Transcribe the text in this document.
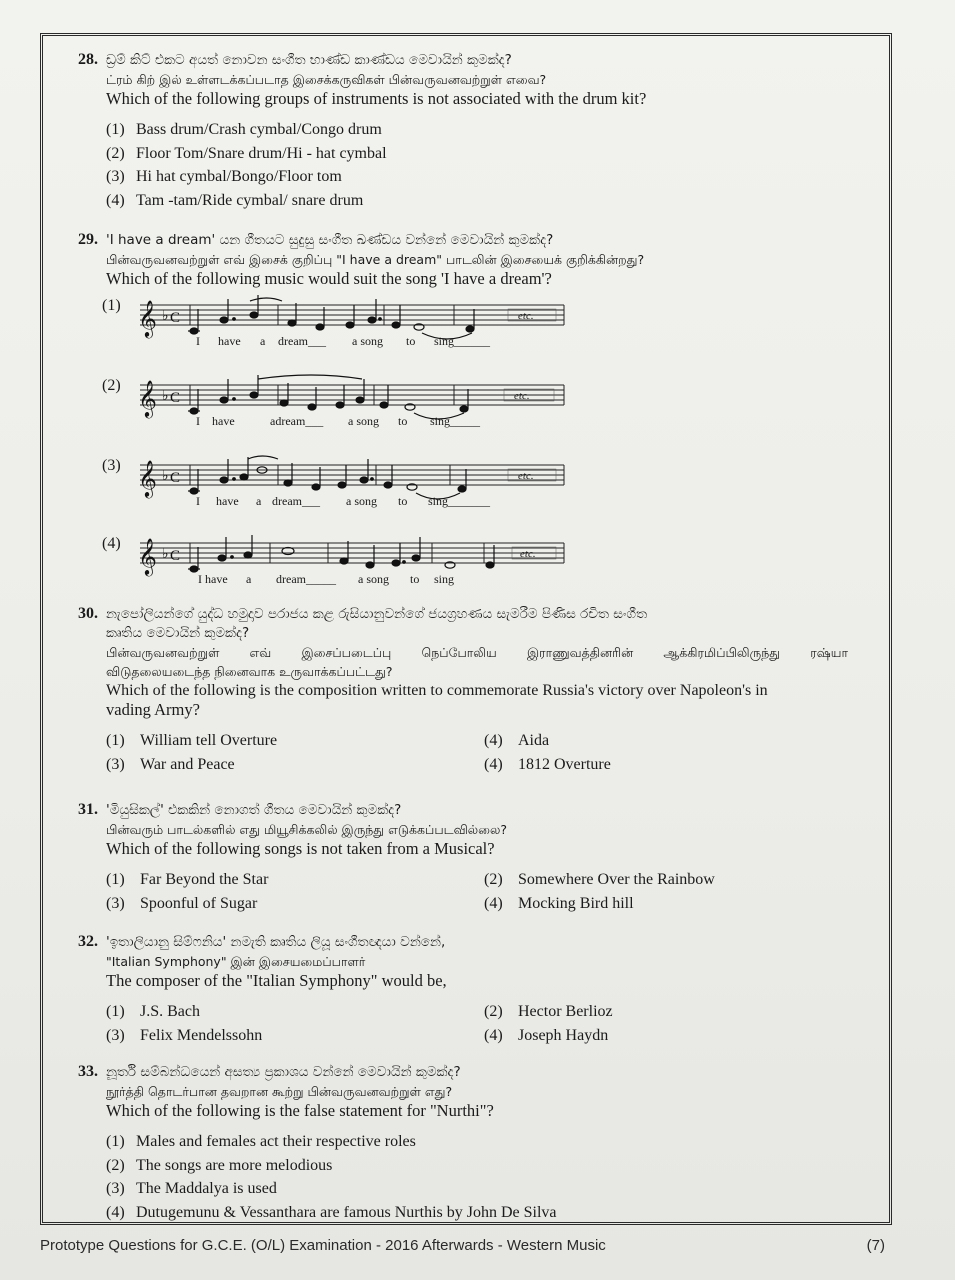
28. ඩ්‍රම් කිට් එකට අයත් නොවන සංගීත භාණ්ඩ කාණ්ඩය මෙවායින් කුමක්ද?
ட்ரம் கிற் இல் உள்ளடக்கப்படாத இசைக்கருவிகள் பின்வருவனவற்றுள் எவை?
Which of the following groups of instruments is not associated with the drum kit?
(1) Bass drum/Crash cymbal/Congo drum
(2) Floor Tom/Snare drum/Hi - hat cymbal
(3) Hi hat cymbal/Bongo/Floor tom
(4) Tam -tam/Ride cymbal/ snare drum
29. 'I have a dream' යන ගීතයට සුදුසු සංගීත ඛණ්ඩය වන්නේ මෙවායින් කුමක්ද?
பின்வருவனவற்றுள் எவ் இசைக் குறிப்பு "I have a dream" பாடலின் இசையைக் குறிக்கின்றது?
Which of the following music would suit the song 'I have a dream'?
(1) 𝄞 ♭ C	etc.
I have a dream___ a song to sing______
(2) 𝄞 ♭ C	etc.
I have	adream___ a song to sing_____
(3) 𝄞 ♭ C	etc.
I have a dream___ a song to sing_______
(4) 𝄞 ♭ C	etc.
I have a dream_____ a song to sing
30. නැපෝලියන්ගේ යුද්ධ හමුදාව පරාජය කළ රුසියානුවන්ගේ ජයග්‍රහණය සැමරීම පිණිස රචිත සංගීත
කෘතිය මෙවායින් කුමක්ද?
பின்வருவனவற்றுள் எவ் இசைப்படைப்பு நெப்போலிய இராணுவத்தினரின் ஆக்கிரமிப்பிலிருந்து ரஷ்யா
விடுதலையடைந்த நினைவாக உருவாக்கப்பட்டது?
Which of the following is the composition written to commemorate Russia's victory over Napoleon's in
vading Army?
(1) William tell Overture	(4) Aida
(3) War and Peace	(4) 1812 Overture
31. 'මියුසිකල්' එකකින් නොගත් ගීතය මෙවායින් කුමක්ද?
பின்வரும் பாடல்களில் எது மியூசிக்கலில் இருந்து எடுக்கப்படவில்லை?
Which of the following songs is not taken from a Musical?
(1) Far Beyond the Star	(2) Somewhere Over the Rainbow
(3) Spoonful of Sugar	(4) Mocking Bird hill
32. 'ඉතාලියානු සිම්ෆනිය' නමැති කෘතිය ලියූ සංගීතඥයා වන්නේ,
"Italian Symphony" இன் இசையமைப்பாளர்
The composer of the "Italian Symphony" would be,
(1) J.S. Bach	(2) Hector Berlioz
(3) Felix Mendelssohn	(4) Joseph Haydn
33. නූර්ති සම්බන්ධයෙන් අසත්‍ය ප්‍රකාශය වන්නේ මෙවායින් කුමක්ද?
நூர்த்தி தொடர்பான தவறான கூற்று பின்வருவனவற்றுள் எது?
Which of the following is the false statement for "Nurthi"?
(1) Males and females act their respective roles
(2) The songs are more melodious
(3) The Maddalya is used
(4) Dutugemunu & Vessanthara are famous Nurthis by John De Silva
Prototype Questions for G.C.E. (O/L) Examination - 2016 Afterwards - Western Music	(7)
